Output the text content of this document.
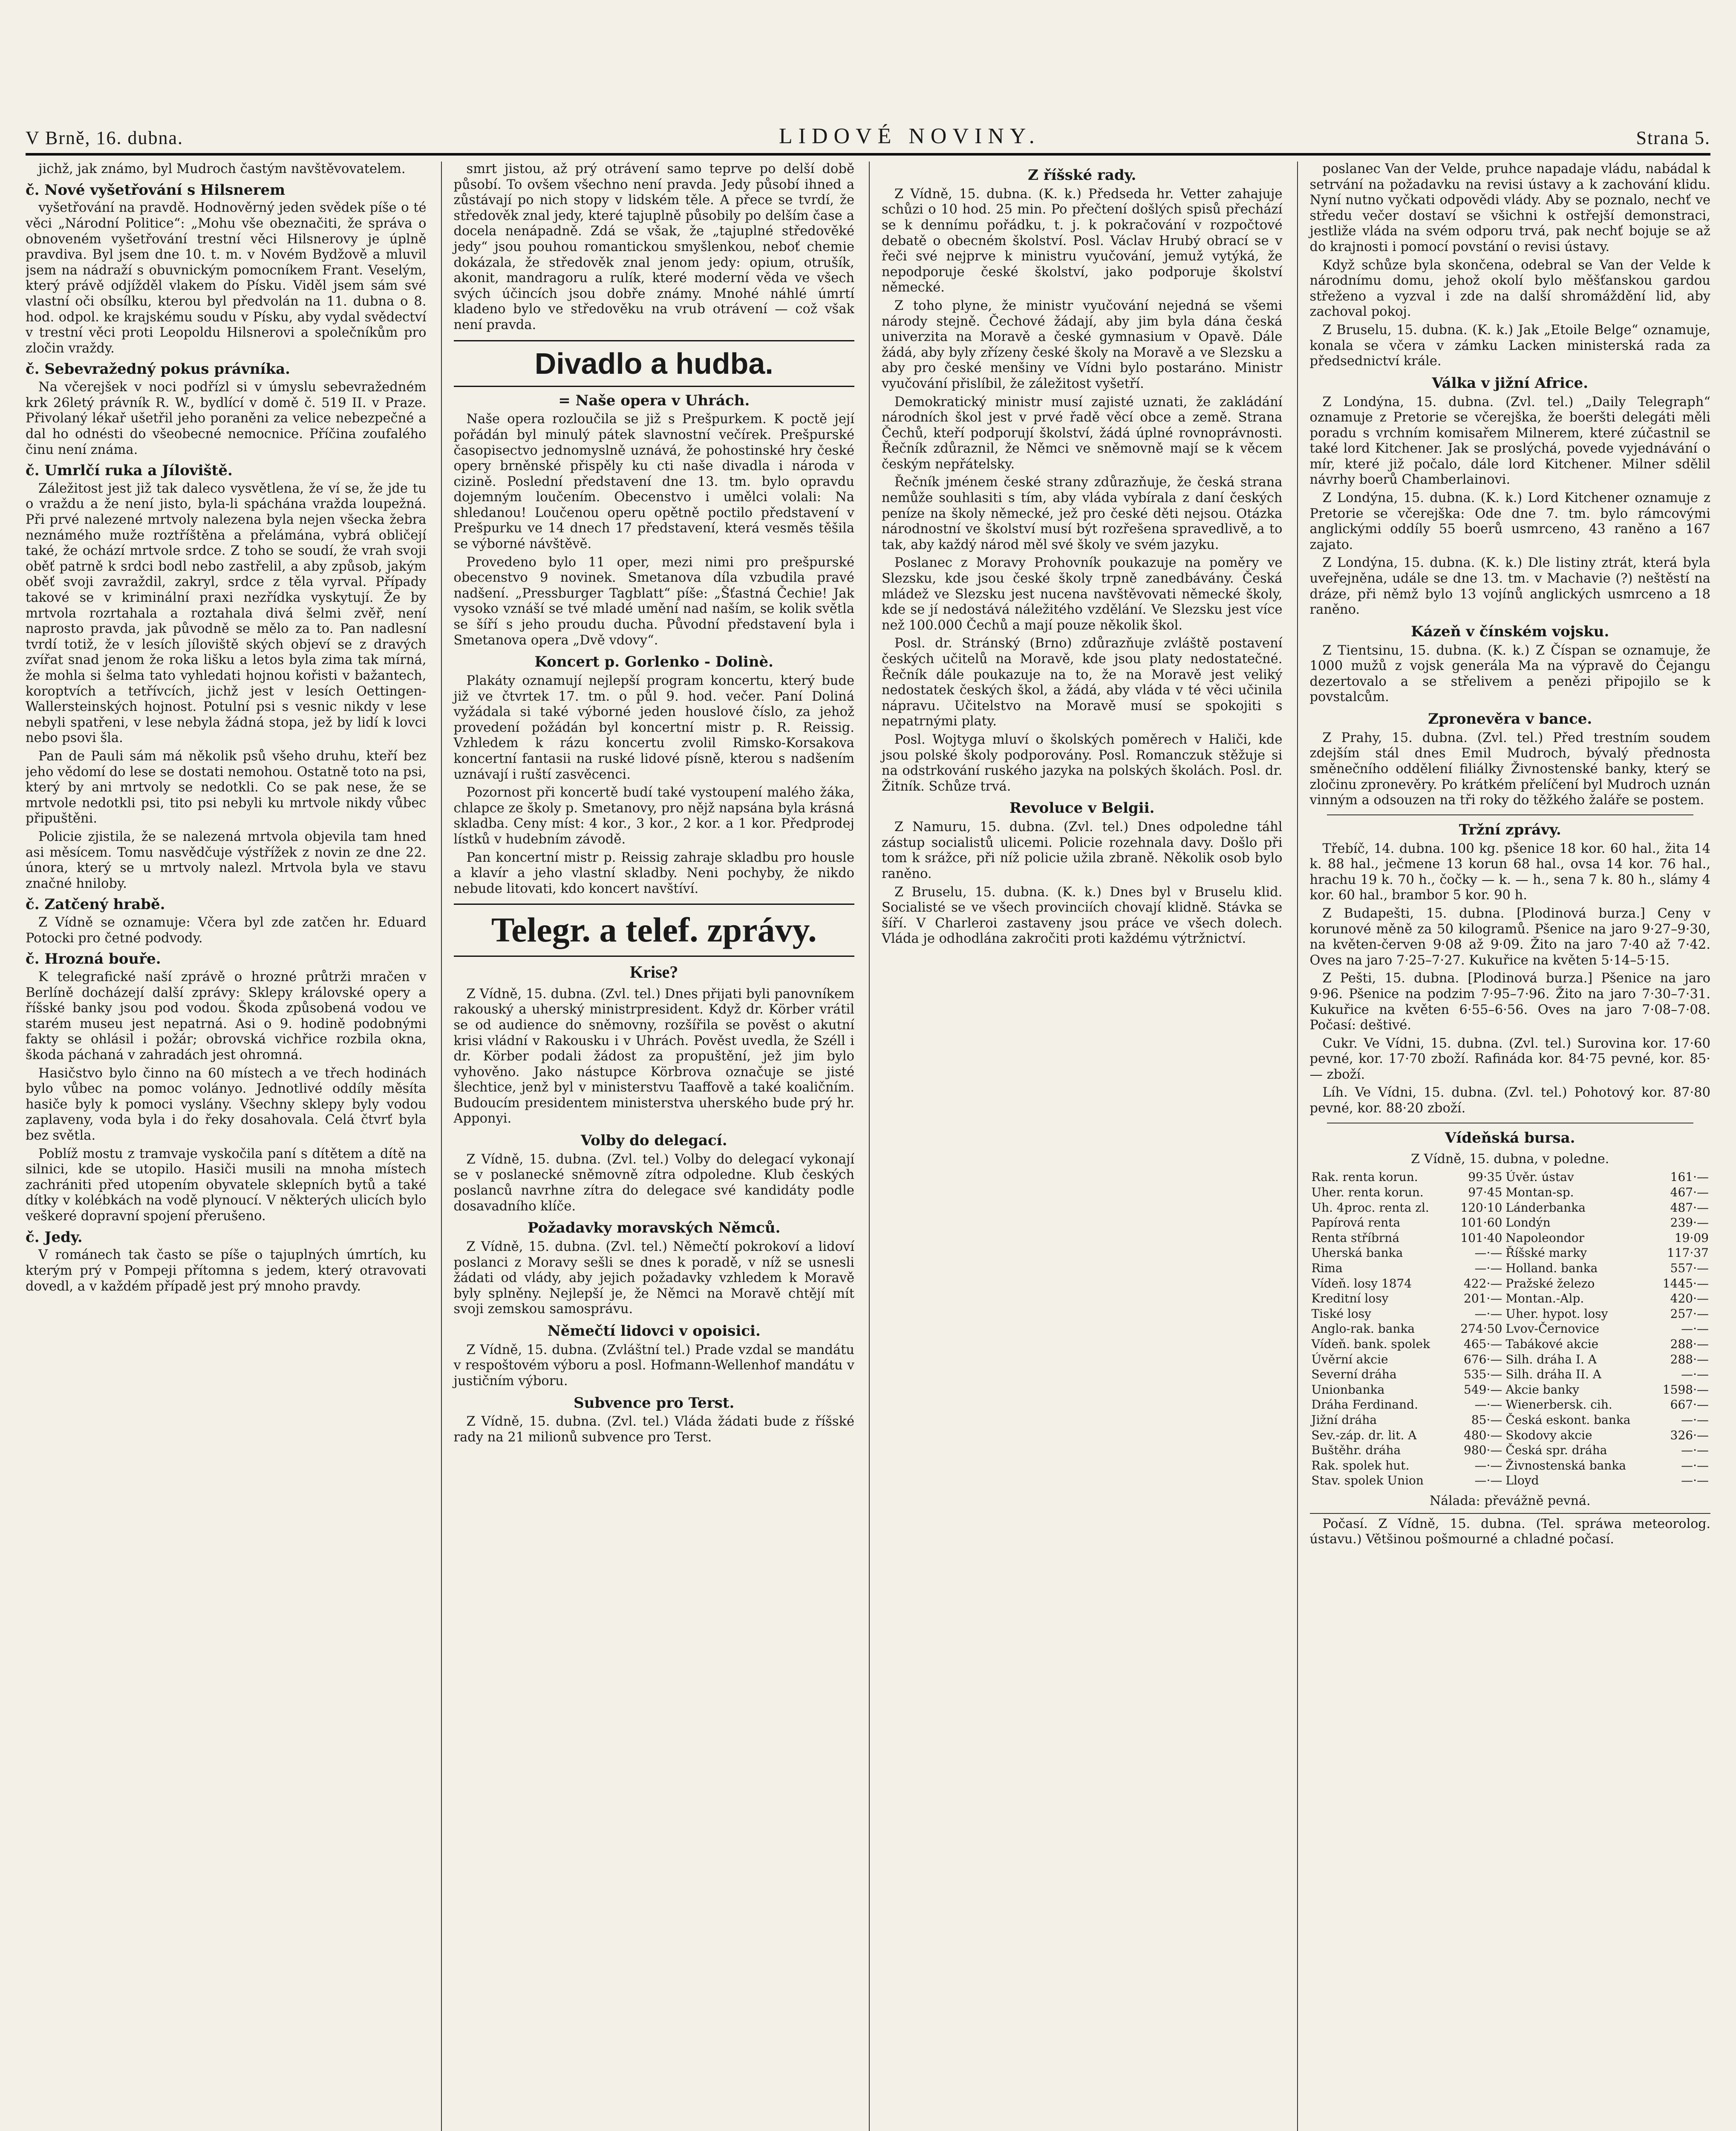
V Brně, 16. dubna.	LIDOVÉ NOVINY.	Strana 5.

jichž, jak známo, byl Mudroch častým navštěvovatelem.

č. Nové vyšetřování s Hilsnerem

vyšetřování na pravdě. Hodnověrný jeden svědek píše o té věci „Národní Politice“: „Mohu vše obeznačiti, že správa o obnoveném vyšetřování trestní věci Hilsnerovy je úplně pravdiva. Byl jsem dne 10. t. m. v Novém Bydžově a mluvil jsem na nádraží s obuvnickým pomocníkem Frant. Veselým, který právě odjížděl vlakem do Písku. Viděl jsem sám své vlastní oči obsílku, kterou byl předvolán na 11. dubna o 8. hod. odpol. ke krajskému soudu v Písku, aby vydal svědectví v trestní věci proti Leopoldu Hilsnerovi a společníkům pro zločin vraždy.

č. Sebevražedný pokus právníka.

Na včerejšek v noci podřízl si v úmyslu sebevražedném krk 26letý právník R. W., bydlící v domě č. 519 II. v Praze. Přivolaný lékař ušetřil jeho poraněni za velice nebezpečné a dal ho odnésti do všeobecné nemocnice. Příčina zoufalého činu není známa.

č. Umrlčí ruka a Jíloviště.

Záležitost jest již tak daleco vysvětlena, že ví se, že jde tu o vraždu a že není jisto, byla-li spáchána vražda loupežná. Při prvé nalezené mrtvoly nalezena byla nejen všecka žebra neznámého muže roztříštěna a přelámána, vybrá obličejí také, že ochází mrtvole srdce. Z toho se soudí, že vrah svoji oběť patrně k srdci bodl nebo zastřelil, a aby způsob, jakým oběť svoji zavraždil, zakryl, srdce z těla vyrval. Případy takové se v kriminální praxi nezřídka vyskytují. Že by mrtvola rozrtahala a roztahala divá šelmi zvěř, není naprosto pravda, jak původně se mělo za to. Pan nadlesní tvrdí totiž, že v lesích jíloviště ských objeví se z dravých zvířat snad jenom že roka lišku a letos byla zima tak mírná, že mohla si šelma tato vyhledati hojnou kořisti v bažantech, koroptvích a tetřívcích, jichž jest v lesích Oettingen-Wallersteinských hojnost. Potulní psi s vesnic nikdy v lese nebyli spatřeni, v lese nebyla žádná stopa, jež by lidí k lovci nebo psovi šla.

Pan de Pauli sám má několik psů všeho druhu, kteří bez jeho vědomí do lese se dostati nemohou. Ostatně toto na psi, který by ani mrtvoly se nedotkli. Co se pak nese, že se mrtvole nedotkli psi, tito psi nebyli ku mrtvole nikdy vůbec připuštěni.

Policie zjistila, že se nalezená mrtvola objevila tam hned asi měsícem. Tomu nasvědčuje výstřížek z novin ze dne 22. února, který se u mrtvoly nalezl. Mrtvola byla ve stavu značné hniloby.

č. Zatčený hrabě.

Z Vídně se oznamuje: Včera byl zde zatčen hr. Eduard Potocki pro četné podvody.

č. Hrozná bouře.

K telegrafické naší zprávě o hrozné průtrži mračen v Berlíně docházejí další zprávy: Sklepy královské opery a říšské banky jsou pod vodou. Škoda způsobená vodou ve starém museu jest nepatrná. Asi o 9. hodině podobnými fakty se ohlásil i požár; obrovská vichřice rozbila okna, škoda páchaná v zahradách jest ohromná.

Hasičstvo bylo činno na 60 místech a ve třech hodinách bylo vůbec na pomoc volányo. Jednotlivé oddíly měsíta hasiče byly k pomoci vyslány. Všechny sklepy byly vodou zaplaveny, voda byla i do řeky dosahovala. Celá čtvrť byla bez světla.

Poblíž mostu z tramvaje vyskočila paní s dítětem a dítě na silnici, kde se utopilo. Hasiči musili na mnoha místech zachrániti před utopením obyvatele sklepních bytů a také dítky v kolébkách na vodě plynoucí. V některých ulicích bylo veškeré dopravní spojení přerušeno.

č. Jedy.

V románech tak často se píše o tajuplných úmrtích, ku kterým prý v Pompeji přítomna s jedem, který otravovati dovedl, a v každém případě jest prý mnoho pravdy.

smrt jistou, až prý otrávení samo teprve po delší době působí. To ovšem všechno není pravda. Jedy působí ihned a zůstávají po nich stopy v lidském těle. A přece se tvrdí, že středověk znal jedy, které tajuplně působily po delším čase a docela nenápadně. Zdá se však, že „tajuplné středověké jedy“ jsou pouhou romantickou smyšlenkou, neboť chemie dokázala, že středověk znal jenom jedy: opium, otrušík, akonit, mandragoru a rulík, které moderní věda ve všech svých účincích jsou dobře známy. Mnohé náhlé úmrtí kladeno bylo ve středověku na vrub otrávení — což však není pravda.

Divadlo a hudba.

= Naše opera v Uhrách.

Naše opera rozloučila se již s Prešpurkem. K poctě její pořádán byl minulý pátek slavnostní večírek. Prešpurské časopisectvo jednomyslně uznává, že pohostinské hry české opery brněnské přispěly ku cti naše divadla i národa v cizině. Poslední představení dne 13. tm. bylo opravdu dojemným loučením. Obecenstvo i umělci volali: Na shledanou! Loučenou operu opětně poctilo představení v Prešpurku ve 14 dnech 17 představení, která vesměs těšila se výborné návštěvě.

Provedeno bylo 11 oper, mezi nimi pro prešpurské obecenstvo 9 novinek. Smetanova díla vzbudila pravé nadšení. „Pressburger Tagblatt“ píše: „Šťastná Čechie! Jak vysoko vznáší se tvé mladé umění nad naším, se kolik světla se šíří s jeho proudu ducha. Původní představení byla i Smetanova opera „Dvě vdovy“.

Koncert p. Gorlenko - Dolinè.

Plakáty oznamují nejlepší program koncertu, který bude již ve čtvrtek 17. tm. o půl 9. hod. večer. Paní Doliná vyžádala si také výborné jeden houslové číslo, za jehož provedení požádán byl koncertní mistr p. R. Reissig. Vzhledem k rázu koncertu zvolil Rimsko-Korsakova koncertní fantasii na ruské lidové písně, kterou s nadšením uznávají i ruští zasvěcenci.

Pozornost při koncertě budí také vystoupení malého žáka, chlapce ze školy p. Smetanovy, pro nějž napsána byla krásná skladba. Ceny míst: 4 kor., 3 kor., 2 kor. a 1 kor. Předprodej lístků v hudebním závodě.

Pan koncertní mistr p. Reissig zahraje skladbu pro housle a klavír a jeho vlastní skladby. Neni pochyby, že nikdo nebude litovati, kdo koncert navštíví.

Telegr. a telef. zprávy.
Krise?

Z Vídně, 15. dubna. (Zvl. tel.) Dnes přijati byli panovníkem rakouský a uherský ministrpresident. Když dr. Körber vrátil se od audience do sněmovny, rozšířila se pověst o akutní krisi vládní v Rakousku i v Uhrách. Pověst uvedla, že Széll i dr. Körber podali žádost za propuštění, jež jim bylo vyhověno. Jako nástupce Körbrova označuje se jisté šlechtice, jenž byl v ministerstvu Taaffově a také koaličním. Budoucím presidentem ministerstva uherského bude prý hr. Apponyi.

Volby do delegací.

Z Vídně, 15. dubna. (Zvl. tel.) Volby do delegací vykonají se v poslanecké sněmovně zítra odpoledne. Klub českých poslanců navrhne zítra do delegace své kandidáty podle dosavadního klíče.

Požadavky moravských Němců.

Z Vídně, 15. dubna. (Zvl. tel.) Němečtí pokrokoví a lidoví poslanci z Moravy sešli se dnes k poradě, v níž se usnesli žádati od vlády, aby jejich požadavky vzhledem k Moravě byly splněny. Nejlepší je, že Němci na Moravě chtějí mít svoji zemskou samosprávu.

Němečtí lidovci v opoisici.

Z Vídně, 15. dubna. (Zvláštní tel.) Prade vzdal se mandátu v respoštovém výboru a posl. Hofmann-Wellenhof mandátu v justičním výboru.

Subvence pro Terst.

Z Vídně, 15. dubna. (Zvl. tel.) Vláda žádati bude z říšské rady na 21 milionů subvence pro Terst.

Z říšské rady.

Z Vídně, 15. dubna. (K. k.) Předseda hr. Vetter zahajuje schůzi o 10 hod. 25 min. Po přečtení došlých spisů přechází se k dennímu pořádku, t. j. k pokračování v rozpočtové debatě o obecném školství. Posl. Václav Hrubý obrací se v řeči své nejprve k ministru vyučování, jemuž vytýká, že nepodporuje české školství, jako podporuje školství německé.

Z toho plyne, že ministr vyučování nejedná se všemi národy stejně. Čechové žádají, aby jim byla dána česká univerzita na Moravě a české gymnasium v Opavě. Dále žádá, aby byly zřízeny české školy na Moravě a ve Slezsku a aby pro české menšiny ve Vídni bylo postaráno. Ministr vyučování přislíbil, že záležitost vyšetří.

Demokratický ministr musí zajisté uznati, že zakládání národních škol jest v prvé řadě věcí obce a země. Strana Čechů, kteří podporují školství, žádá úplné rovnoprávnosti. Řečník zdůraznil, že Němci ve sněmovně mají se k věcem českým nepřátelsky.

Řečník jménem české strany zdůrazňuje, že česká strana nemůže souhlasiti s tím, aby vláda vybírala z daní českých peníze na školy německé, jež pro české děti nejsou. Otázka národnostní ve školství musí být rozřešena spravedlivě, a to tak, aby každý národ měl své školy ve svém jazyku.

Poslanec z Moravy Prohovník poukazuje na poměry ve Slezsku, kde jsou české školy trpně zanedbávány. Česká mládež ve Slezsku jest nucena navštěvovati německé školy, kde se jí nedostává náležitého vzdělání. Ve Slezsku jest více než 100.000 Čechů a mají pouze několik škol.

Posl. dr. Stránský (Brno) zdůrazňuje zvláště postavení českých učitelů na Moravě, kde jsou platy nedostatečné. Řečník dále poukazuje na to, že na Moravě jest veliký nedostatek českých škol, a žádá, aby vláda v té věci učinila nápravu. Učitelstvo na Moravě musí se spokojiti s nepatrnými platy.

Posl. Wojtyga mluví o školských poměrech v Haliči, kde jsou polské školy podporovány. Posl. Romanczuk stěžuje si na odstrkování ruského jazyka na polských školách. Posl. dr. Žitník. Schůze trvá.

Revoluce v Belgii.

Z Namuru, 15. dubna. (Zvl. tel.) Dnes odpoledne táhl zástup socialistů ulicemi. Policie rozehnala davy. Došlo při tom k srážce, při níž policie užila zbraně. Několik osob bylo raněno.

Z Bruselu, 15. dubna. (K. k.) Dnes byl v Bruselu klid. Socialisté se ve všech provinciích chovají klidně. Stávka se šíří. V Charleroi zastaveny jsou práce ve všech dolech. Vláda je odhodlána zakročiti proti každému výtržnictví.

poslanec Van der Velde, pruhce napadaje vládu, nabádal k setrvání na požadavku na revisi ústavy a k zachování klidu. Nyní nutno vyčkati odpovědi vlády. Aby se poznalo, nechť ve středu večer dostaví se všichni k ostřejší demonstraci, jestliže vláda na svém odporu trvá, pak nechť bojuje se až do krajnosti i pomocí povstání o revisi ústavy.

Když schůze byla skončena, odebral se Van der Velde k národnímu domu, jehož okolí bylo měšťanskou gardou střeženo a vyzval i zde na další shromáždění lid, aby zachoval pokoj.

Z Bruselu, 15. dubna. (K. k.) Jak „Etoile Belge“ oznamuje, konala se včera v zámku Lacken ministerská rada za předsednictví krále.

Válka v jižní Africe.

Z Londýna, 15. dubna. (Zvl. tel.) „Daily Telegraph“ oznamuje z Pretorie se včerejška, že boeršti delegáti měli poradu s vrchním komisařem Milnerem, které zúčastnil se také lord Kitchener. Jak se proslýchá, povede vyjednávání o mír, které již počalo, dále lord Kitchener. Milner sdělil návrhy boerů Chamberlainovi.

Z Londýna, 15. dubna. (K. k.) Lord Kitchener oznamuje z Pretorie se včerejška: Ode dne 7. tm. bylo rámcovými anglickými oddíly 55 boerů usmrceno, 43 raněno a 167 zajato.

Z Londýna, 15. dubna. (K. k.) Dle listiny ztrát, která byla uveřejněna, udále se dne 13. tm. v Machavie (?) neštěstí na dráze, při němž bylo 13 vojínů anglických usmrceno a 18 raněno.

Kázeň v čínském vojsku.

Z Tientsinu, 15. dubna. (K. k.) Z Číspan se oznamuje, že 1000 mužů z vojsk generála Ma na výpravě do Čejangu dezertovalo a se střelivem a penězi připojilo se k povstalcům.

Zpronevěra v bance.

Z Prahy, 15. dubna. (Zvl. tel.) Před trestním soudem zdejším stál dnes Emil Mudroch, bývalý přednosta směnečního oddělení filiálky Živnostenské banky, který se zločinu zpronevěry. Po krátkém přelíčení byl Mudroch uznán vinným a odsouzen na tři roky do těžkého žaláře se postem.

Tržní zprávy.

Třebíč, 14. dubna. 100 kg. pšenice 18 kor. 60 hal., žita 14 k. 88 hal., ječmene 13 korun 68 hal., ovsa 14 kor. 76 hal., hrachu 19 k. 70 h., čočky — k. — h., sena 7 k. 80 h., slámy 4 kor. 60 hal., brambor 5 kor. 90 h.

Z Budapešti, 15. dubna. [Plodinová burza.] Ceny v korunové měně za 50 kilogramů. Pšenice na jaro 9·27–9·30, na květen-červen 9·08 až 9·09. Žito na jaro 7·40 až 7·42. Oves na jaro 7·25–7·27. Kukuřice na květen 5·14–5·15.

Z Pešti, 15. dubna. [Plodinová burza.] Pšenice na jaro 9·96. Pšenice na podzim 7·95–7·96. Žito na jaro 7·30–7·31. Kukuřice na květen 6·55–6·56. Oves na jaro 7·08–7·08. Počasí: deštivé.

Cukr. Ve Vídni, 15. dubna. (Zvl. tel.) Surovina kor. 17·60 pevné, kor. 17·70 zboží. Rafináda kor. 84·75 pevné, kor. 85·— zboží.

Líh. Ve Vídni, 15. dubna. (Zvl. tel.) Pohotový kor. 87·80 pevné, kor. 88·20 zboží.

Vídeňská bursa.

Z Vídně, 15. dubna, v poledne.

Rak. renta korun.	99·35	Úvěr. ústav	161·—
Uher. renta korun.	97·45	Montan-sp.	467·—
Uh. 4proc. renta zl.	120·10	Lánderbanka	487·—
Papírová renta	101·60	Londýn	239·—
Renta stříbrná	101·40	Napoleondor	19·09
Uherská banka	—·—	Říšské marky	117·37
Rima	—·—	Holland. banka	557·—
Vídeň. losy 1874	422·—	Pražské železo	1445·—
Kreditní losy	201·—	Montan.-Alp.	420·—
Tiské losy	—·—	Uher. hypot. losy	257·—
Anglo-rak. banka	274·50	Lvov-Černovice	—·—
Vídeň. bank. spolek	465·—	Tabákové akcie	288·—
Úvěrní akcie	676·—	Silh. dráha I. A	288·—
Severní dráha	535·—	Silh. dráha II. A	—·—
Unionbanka	549·—	Akcie banky	1598·—
Dráha Ferdinand.	—·—	Wienerbersk. cih.	667·—
Jižní dráha	85·—	Česká eskont. banka	—·—
Sev.-záp. dr. lit. A	480·—	Skodovy akcie	326·—
Buštěhr. dráha	980·—	Česká spr. dráha	—·—
Rak. spolek hut.	—·—	Živnostenská banka	—·—
Stav. spolek Union	—·—	Lloyd	—·—

Nálada: převážně pevná.

Počasí. Z Vídně, 15. dubna. (Tel. spráwa meteorolog. ústavu.) Většinou pošmourné a chladné počasí.
